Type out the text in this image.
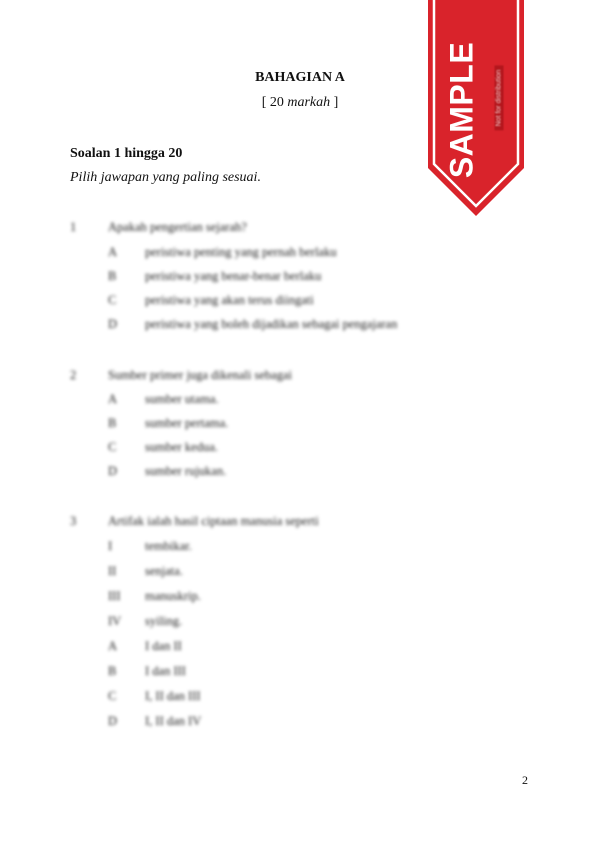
BAHAGIAN A
[ 20 markah ]
Soalan 1 hingga 20
Pilih jawapan yang paling sesuai.
1	Apakah pengertian sejarah?
A peristiwa penting yang pernah berlaku
B peristiwa yang benar-benar berlaku
C peristiwa yang akan terus diingati
D peristiwa yang boleh dijadikan sebagai pengajaran
2	Sumber primer juga dikenali sebagai
A sumber utama.
B sumber pertama.
C sumber kedua.
D sumber rujukan.
3	Artifak ialah hasil ciptaan manusia seperti
I	tembikar.
II senjata.
III manuskrip.
IV syiling.
A I dan II
B I dan III
C I, II dan III
D I, II dan IV
2
SAMPLE Not for distribution
